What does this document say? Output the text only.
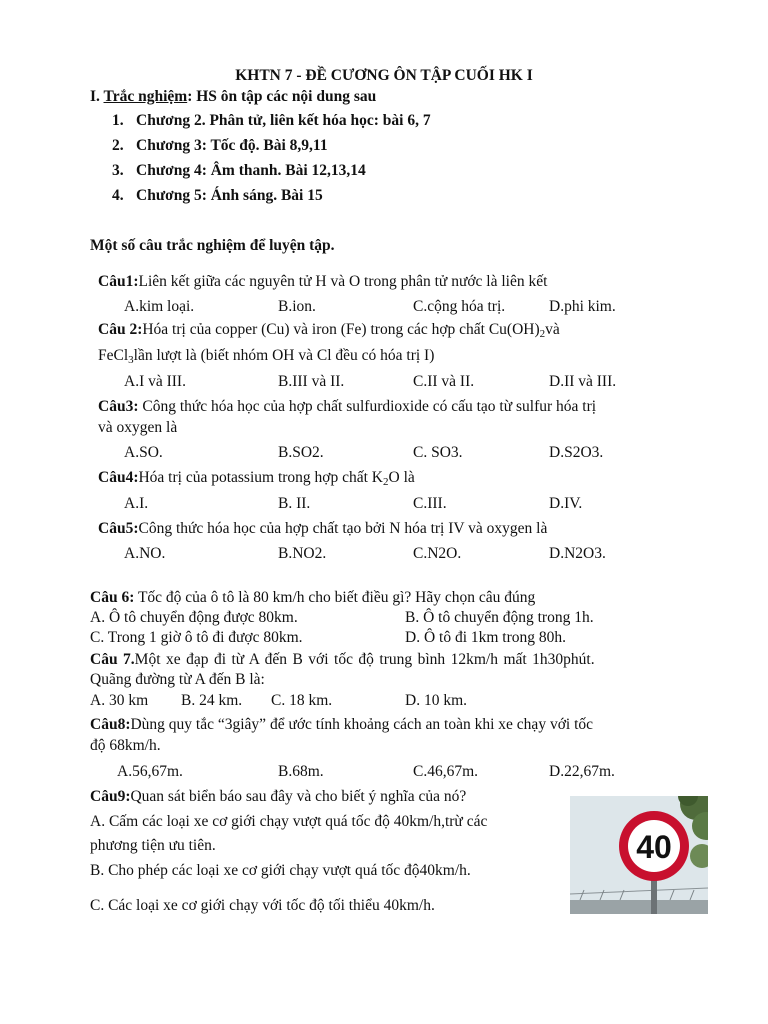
KHTN 7 - ĐỀ CƯƠNG ÔN TẬP CUỐI HK I
I. Trắc nghiệm: HS ôn tập các nội dung sau
1. Chương 2. Phân tử, liên kết hóa học: bài 6, 7
2. Chương 3: Tốc độ. Bài 8,9,11
3. Chương 4: Âm thanh. Bài 12,13,14
4. Chương 5: Ánh sáng. Bài 15
Một số câu trắc nghiệm để luyện tập.
Câu1:Liên kết giữa các nguyên tử H và O trong phân tử nước là liên kết
A.kim loại.	B.ion.	C.cộng hóa trị.	D.phi kim.
Câu 2:Hóa trị của copper (Cu) và iron (Fe) trong các hợp chất Cu(OH)2và
FeCl3lần lượt là (biết nhóm OH và Cl đều có hóa trị I)
A.I và III.	B.III và II.	C.II và II.	D.II và III.
Câu3: Công thức hóa học của hợp chất sulfurdioxide có cấu tạo từ sulfur hóa trị
và oxygen là
A.SO.	B.SO2.	C. SO3.	D.S2O3.
Câu4:Hóa trị của potassium trong hợp chất K2O là
A.I.	B. II.	C.III.	D.IV.
Câu5:Công thức hóa học của hợp chất tạo bởi N hóa trị IV và oxygen là
A.NO.	B.NO2.	C.N2O.	D.N2O3.
Câu 6: Tốc độ của ô tô là 80 km/h cho biết điều gì? Hãy chọn câu đúng
A. Ô tô chuyển động được 80km.	B. Ô tô chuyển động trong 1h.
C. Trong 1 giờ ô tô đi được 80km.	D. Ô tô đi 1km trong 80h.
Câu 7.Một xe đạp đi từ A đến B với tốc độ trung bình 12km/h mất 1h30phút.
Quãng đường từ A đến B là:
A. 30 km B. 24 km. C. 18 km.	D. 10 km.
Câu8:Dùng quy tắc “3giây” để ước tính khoảng cách an toàn khi xe chạy với tốc
độ 68km/h.
A.56,67m.	B.68m.	C.46,67m.	D.22,67m.
Câu9:Quan sát biển báo sau đây và cho biết ý nghĩa của nó?
A. Cấm các loại xe cơ giới chạy vượt quá tốc độ 40km/h,trừ các
phương tiện ưu tiên.
B. Cho phép các loại xe cơ giới chạy vượt quá tốc độ40km/h.
C. Các loại xe cơ giới chạy với tốc độ tối thiểu 40km/h.
40
